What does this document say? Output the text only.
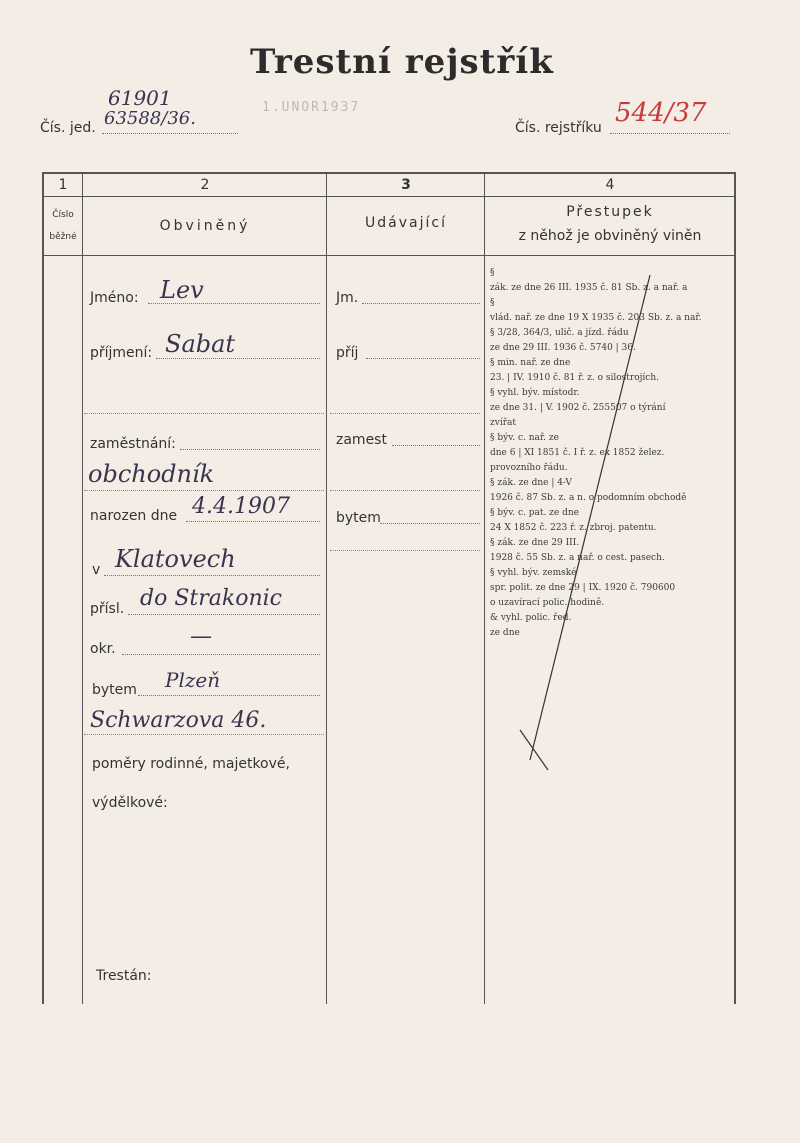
Trestní rejstřík
1.UNOR1937
Čís. jed.
61901
63588/36.	Čís. rejstříku 544/37
1	2	3	4
Číslo
běžné
Obviněný	Udávající
Přestupek
z něhož je obviněný viněn
Jméno: Lev
příjmení: Sabat
zaměstnání:
obchodník
narozen dne 4.4.1907
v Klatovech
přísl. do Strakonic
okr.	—
bytem Plzeň
Schwarzova 46.
poměry rodinné, majetkové,
výdělkové:
Trestán:
Jm.
příj
zamest
bytem
§
zák. ze dne 26 III. 1935 č. 81 Sb. z. a nař. a
§
vlád. nař. ze dne 19 X 1935 č. 203 Sb. z. a nař.
§ 3/28, 364/3, ulič. a jízd. řádu
ze dne 29 III. 1936 č. 5740 | 36.
§ min. nař. ze dne
23. | IV. 1910 č. 81 ř. z. o silostrojích.
§ vyhl. býv. místodr.
ze dne 31. | V. 1902 č. 255507 o týrání
zvířat
§ býv. c. nař. ze
dne 6 | XI 1851 č. I ř. z. ex 1852 želez.
provozního řádu.
§ zák. ze dne | 4-V
1926 č. 87 Sb. z. a n. o podomním obchodě
§ býv. c. pat. ze dne
24 X 1852 č. 223 ř. z. zbroj. patentu.
§ zák. ze dne 29 III.
1928 č. 55 Sb. z. a nař. o cest. pasech.
§ vyhl. býv. zemské
spr. polit. ze dne 29 | IX. 1920 č. 790600
o uzavírací polic. hodině.
& vyhl. polic. řed.
ze dne
